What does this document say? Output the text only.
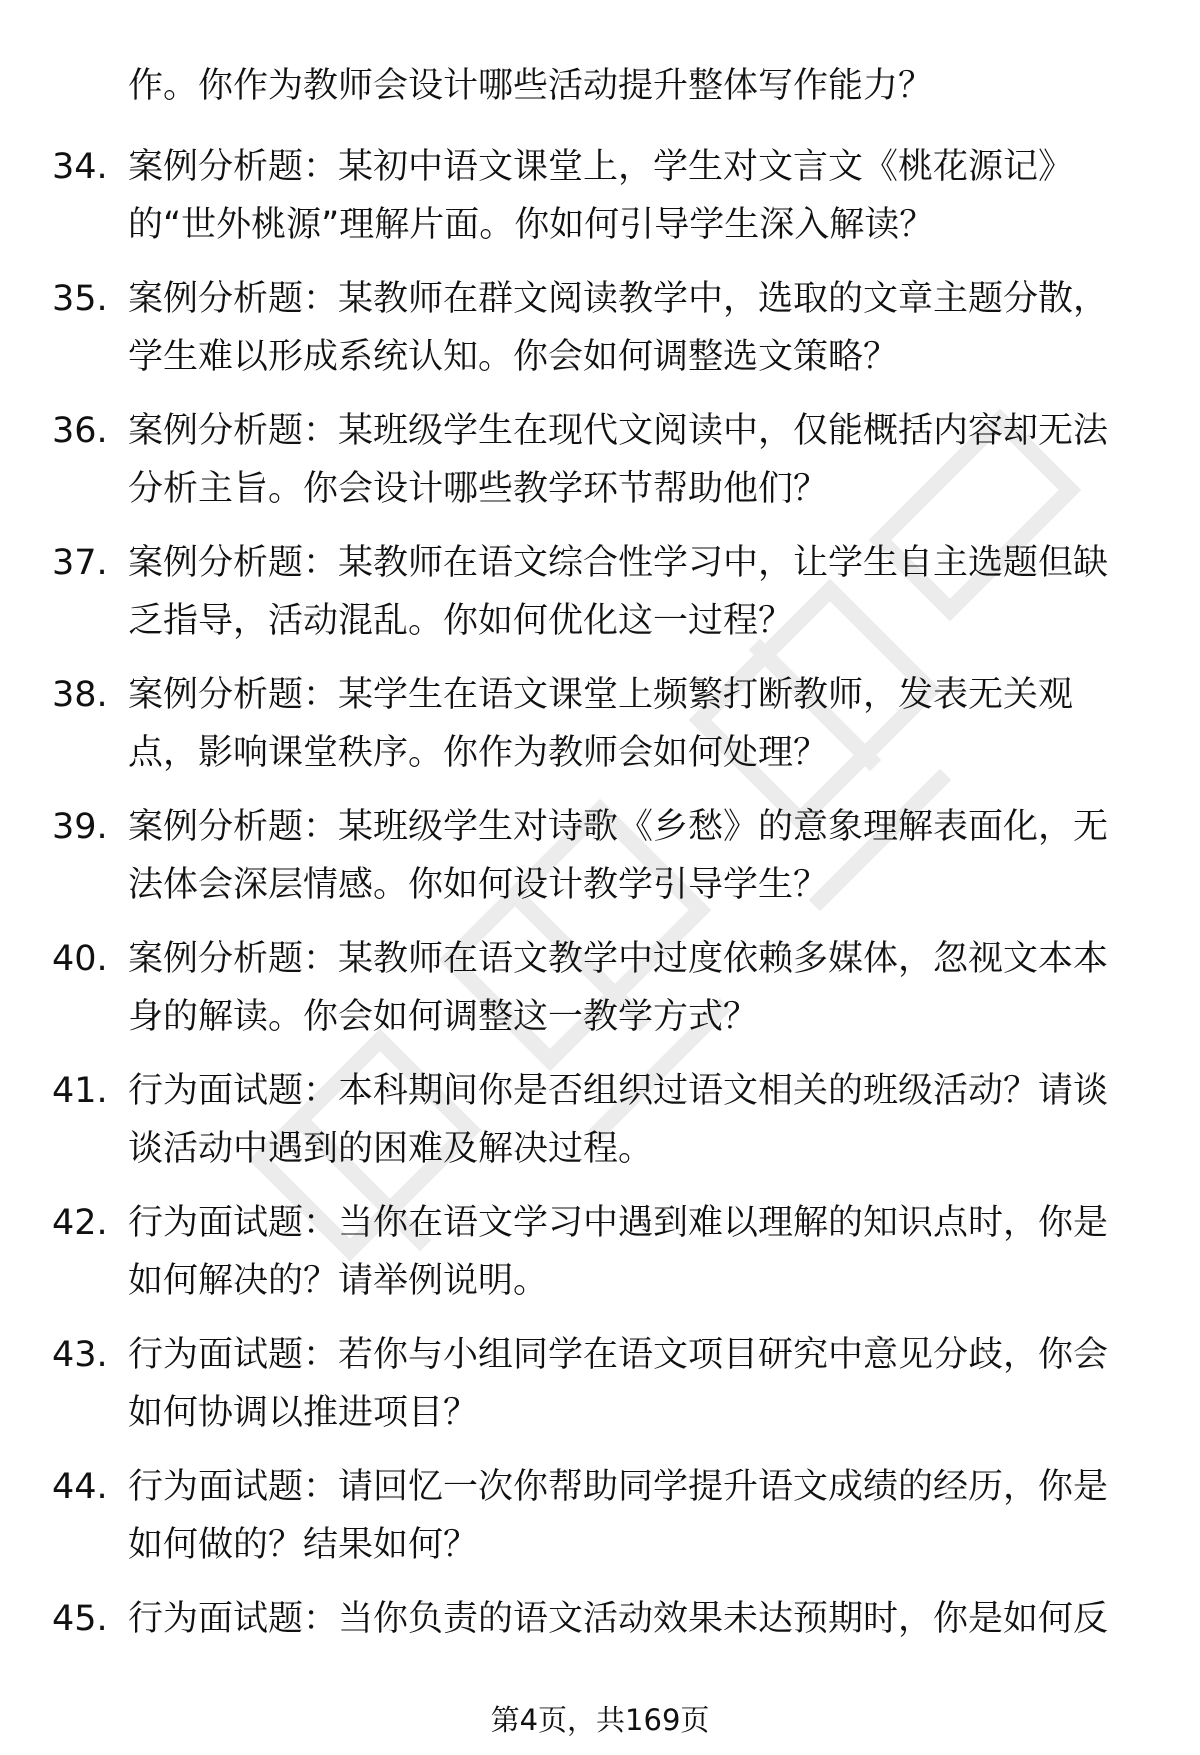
作。你作为教师会设计哪些活动提升整体写作能力？
34. 案例分析题：某初中语文课堂上，学生对文言文《桃花源记》
的“世外桃源”理解片面。你如何引导学生深入解读？
35. 案例分析题：某教师在群文阅读教学中，选取的文章主题分散，
学生难以形成系统认知。你会如何调整选文策略？
36. 案例分析题：某班级学生在现代文阅读中，仅能概括内容却无法
分析主旨。你会设计哪些教学环节帮助他们？
37. 案例分析题：某教师在语文综合性学习中，让学生自主选题但缺
乏指导，活动混乱。你如何优化这一过程？
38. 案例分析题：某学生在语文课堂上频繁打断教师，发表无关观
点，影响课堂秩序。你作为教师会如何处理？
39. 案例分析题：某班级学生对诗歌《乡愁》的意象理解表面化，无
法体会深层情感。你如何设计教学引导学生？
40. 案例分析题：某教师在语文教学中过度依赖多媒体，忽视文本本
身的解读。你会如何调整这一教学方式？
41. 行为面试题：本科期间你是否组织过语文相关的班级活动？请谈
谈活动中遇到的困难及解决过程。
42. 行为面试题：当你在语文学习中遇到难以理解的知识点时，你是
如何解决的？请举例说明。
43. 行为面试题：若你与小组同学在语文项目研究中意见分歧，你会
如何协调以推进项目？
44. 行为面试题：请回忆一次你帮助同学提升语文成绩的经历，你是
如何做的？结果如何？
45. 行为面试题：当你负责的语文活动效果未达预期时，你是如何反
第4页，共169页
